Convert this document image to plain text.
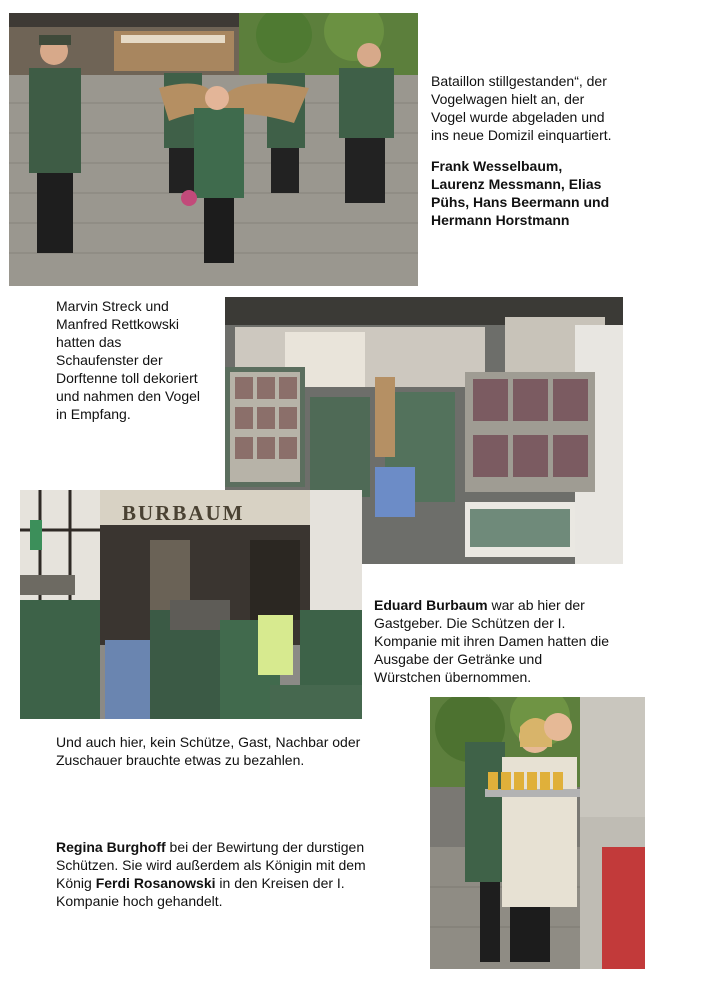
Bataillon stillgestanden“, der
Vogelwagen hielt an, der
Vogel wurde abgeladen und
ins neue Domizil einquartiert.
Frank Wesselbaum,
Laurenz Messmann, Elias
Pühs, Hans Beermann und
Hermann Horstmann
Marvin Streck und
Manfred Rettkowski
hatten das
Schaufenster der
Dorftenne toll dekoriert
und nahmen den Vogel
in Empfang.
BURBAUM
Eduard Burbaum war ab hier der
Gastgeber. Die Schützen der I.
Kompanie mit ihren Damen hatten die
Ausgabe der Getränke und
Würstchen übernommen.
Und auch hier, kein Schütze, Gast, Nachbar oder
Zuschauer brauchte etwas zu bezahlen.
Regina Burghoff bei der Bewirtung der durstigen
Schützen. Sie wird außerdem als Königin mit dem
König Ferdi Rosanowski in den Kreisen der I.
Kompanie hoch gehandelt.
